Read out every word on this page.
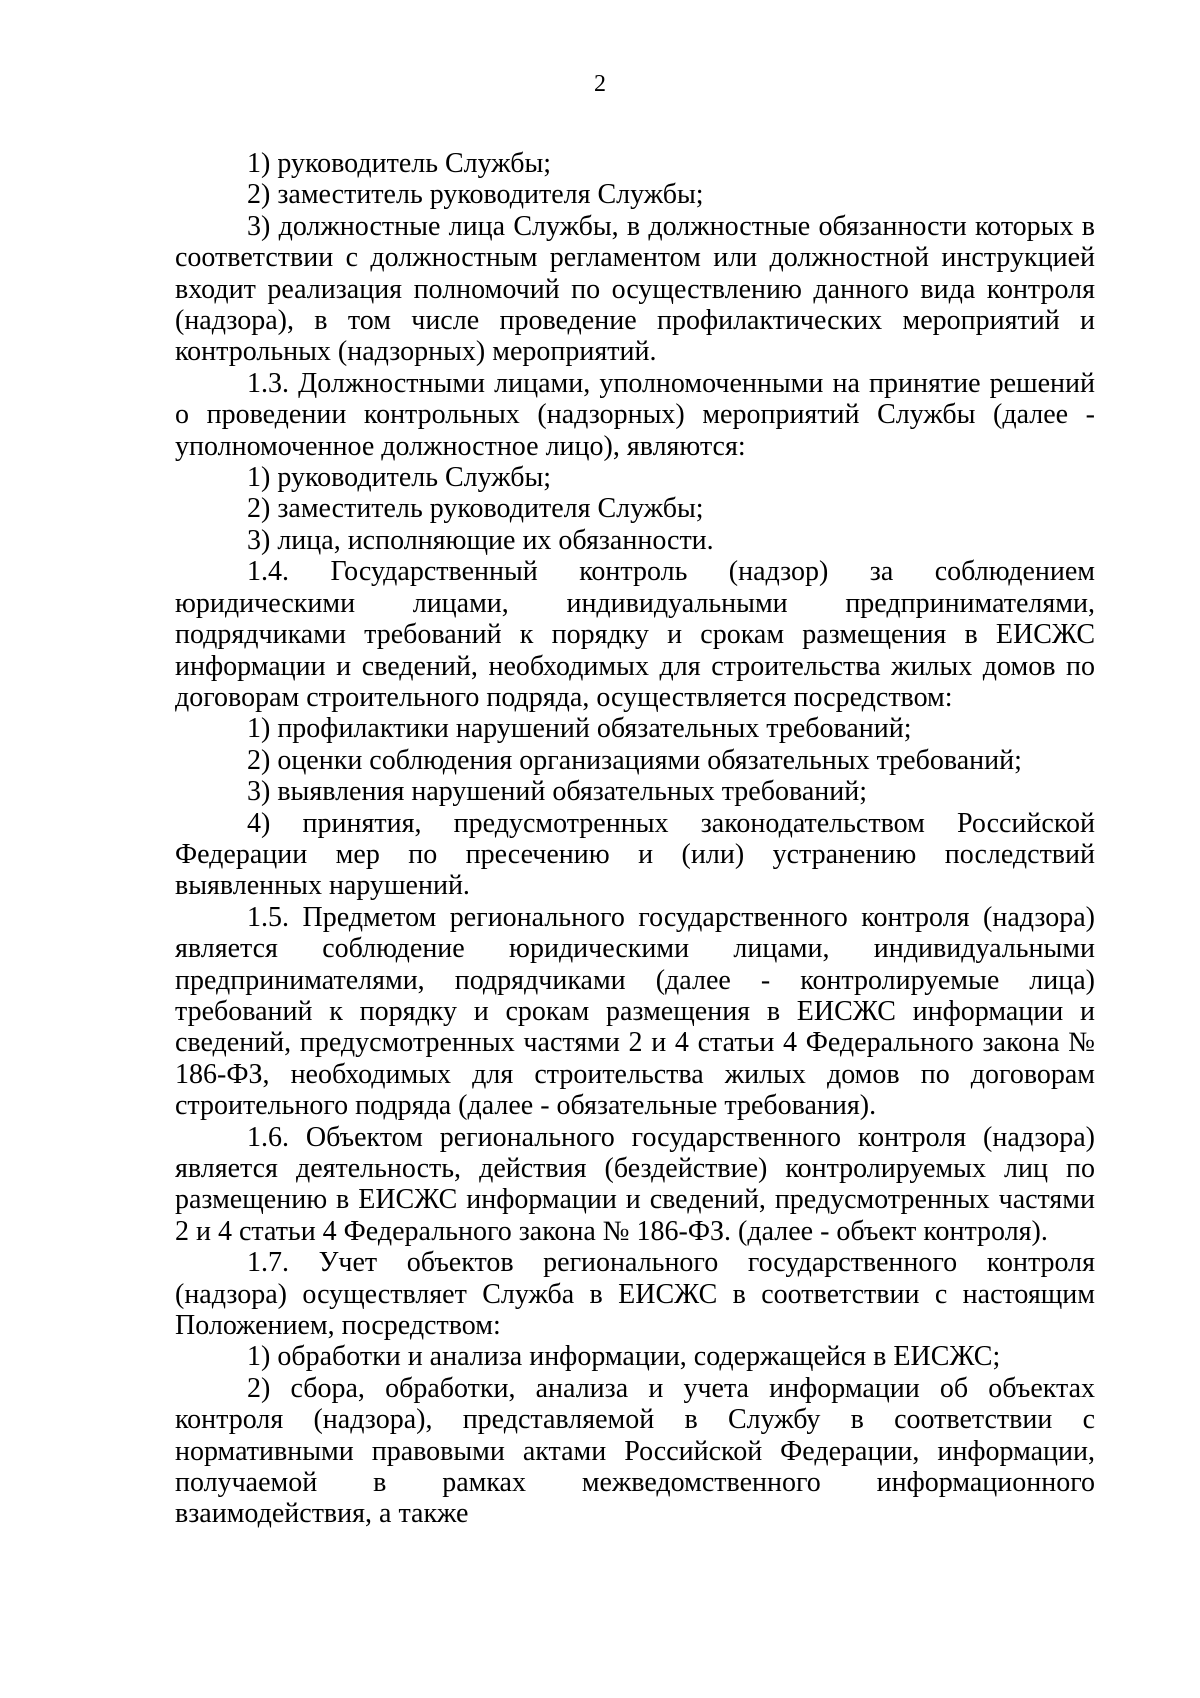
2

1) руководитель Службы;

2) заместитель руководителя Службы;

3) должностные лица Службы, в должностные обязанности которых в соответствии с должностным регламентом или должностной инструкцией входит реализация полномочий по осуществлению данного вида контроля (надзора), в том числе проведение профилактических мероприятий и контрольных (надзорных) мероприятий.

1.3. Должностными лицами, уполномоченными на принятие решений о проведении контрольных (надзорных) мероприятий Службы (далее - уполномоченное должностное лицо), являются:

1) руководитель Службы;

2) заместитель руководителя Службы;

3) лица, исполняющие их обязанности.

1.4. Государственный контроль (надзор) за соблюдением юридическими лицами, индивидуальными предпринимателями, подрядчиками требований к порядку и срокам размещения в ЕИСЖС информации и сведений, необходимых для строительства жилых домов по договорам строительного подряда, осуществляется посредством:

1) профилактики нарушений обязательных требований;

2) оценки соблюдения организациями обязательных требований;

3) выявления нарушений обязательных требований;

4) принятия, предусмотренных законодательством Российской Федерации мер по пресечению и (или) устранению последствий выявленных нарушений.

1.5. Предметом регионального государственного контроля (надзора) является соблюдение юридическими лицами, индивидуальными предпринимателями, подрядчиками (далее - контролируемые лица) требований к порядку и срокам размещения в ЕИСЖС информации и сведений, предусмотренных частями 2 и 4 статьи 4 Федерального закона № 186-ФЗ, необходимых для строительства жилых домов по договорам строительного подряда (далее - обязательные требования).

1.6. Объектом регионального государственного контроля (надзора) является деятельность, действия (бездействие) контролируемых лиц по размещению в ЕИСЖС информации и сведений, предусмотренных частями 2 и 4 статьи 4 Федерального закона № 186-ФЗ. (далее - объект контроля).

1.7. Учет объектов регионального государственного контроля (надзора) осуществляет Служба в ЕИСЖС в соответствии с настоящим Положением, посредством:

1) обработки и анализа информации, содержащейся в ЕИСЖС;

2) сбора, обработки, анализа и учета информации об объектах контроля (надзора), представляемой в Службу в соответствии с нормативными правовыми актами Российской Федерации, информации, получаемой в рамках межведомственного информационного взаимодействия, а также
